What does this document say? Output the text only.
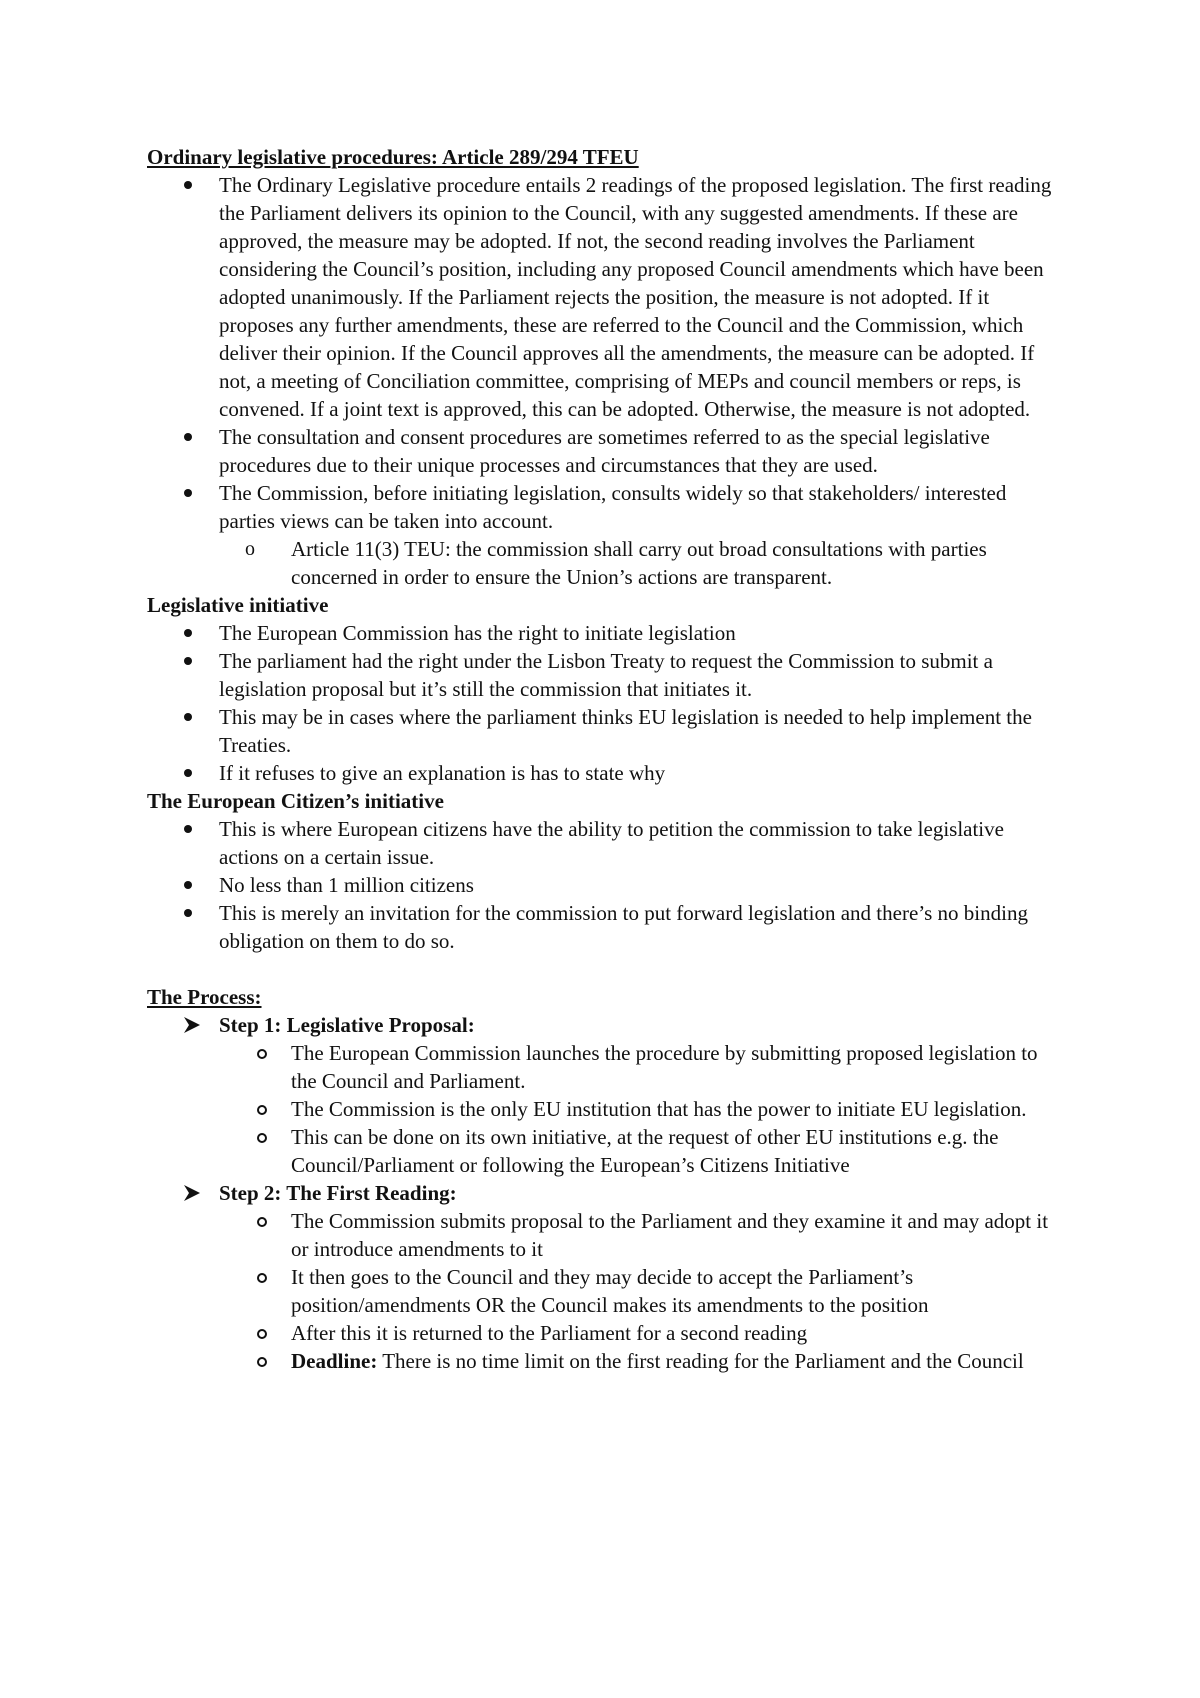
Ordinary legislative procedures: Article 289/294 TFEU

The Ordinary Legislative procedure entails 2 readings of the proposed legislation. The first reading the Parliament delivers its opinion to the Council, with any suggested amendments. If these are approved, the measure may be adopted. If not, the second reading involves the Parliament considering the Council’s position, including any proposed Council amendments which have been adopted unanimously. If the Parliament rejects the position, the measure is not adopted. If it proposes any further amendments, these are referred to the Council and the Commission, which deliver their opinion. If the Council approves all the amendments, the measure can be adopted. If not, a meeting of Conciliation committee, comprising of MEPs and council members or reps, is convened. If a joint text is approved, this can be adopted. Otherwise, the measure is not adopted.
The consultation and consent procedures are sometimes referred to as the special legislative procedures due to their unique processes and circumstances that they are used.
The Commission, before initiating legislation, consults widely so that stakeholders/ interested parties views can be taken into account.
o Article 11(3) TEU: the commission shall carry out broad consultations with parties concerned in order to ensure the Union’s actions are transparent.

Legislative initiative

The European Commission has the right to initiate legislation
The parliament had the right under the Lisbon Treaty to request the Commission to submit a legislation proposal but it’s still the commission that initiates it.
This may be in cases where the parliament thinks EU legislation is needed to help implement the Treaties.
If it refuses to give an explanation is has to state why

The European Citizen’s initiative

This is where European citizens have the ability to petition the commission to take legislative actions on a certain issue.
No less than 1 million citizens
This is merely an invitation for the commission to put forward legislation and there’s no binding obligation on them to do so.

The Process:

Step 1: Legislative Proposal:
The European Commission launches the procedure by submitting proposed legislation to the Council and Parliament.
The Commission is the only EU institution that has the power to initiate EU legislation.
This can be done on its own initiative, at the request of other EU institutions e.g. the Council/Parliament or following the European’s Citizens Initiative
Step 2: The First Reading:
The Commission submits proposal to the Parliament and they examine it and may adopt it or introduce amendments to it
It then goes to the Council and they may decide to accept the Parliament’s position/amendments OR the Council makes its amendments to the position
After this it is returned to the Parliament for a second reading
Deadline: There is no time limit on the first reading for the Parliament and the Council
